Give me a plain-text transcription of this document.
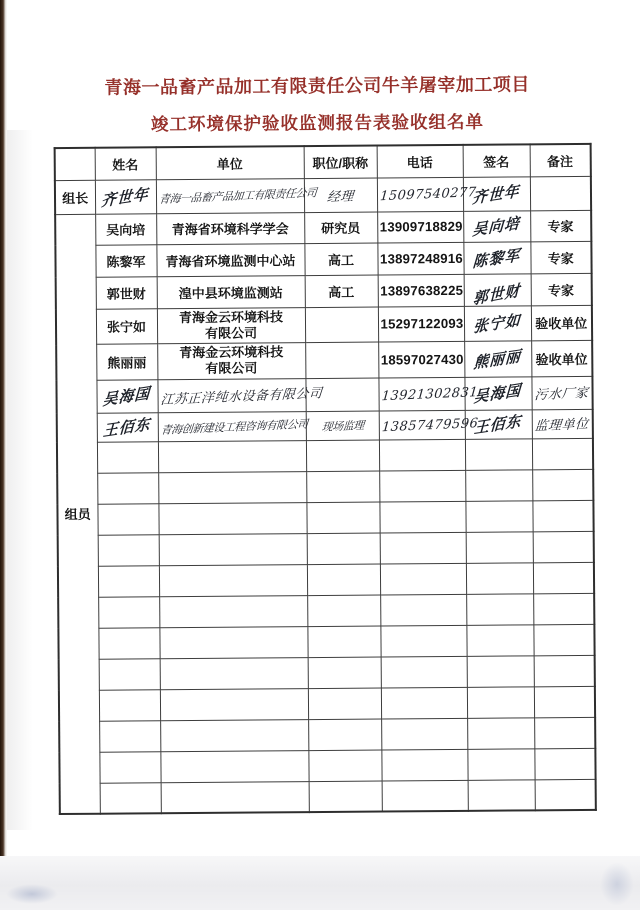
青海一品畜产品加工有限责任公司牛羊屠宰加工项目
竣工环境保护验收监测报告表验收组名单
	姓名	单位	职位/职称	电话	签名	备注
组长	齐世年	青海一品畜产品加工有限责任公司	经理	15097540277	齐世年	
组员	吴向培	青海省环境科学学会	研究员	13909718829	吴向培	专家
	陈黎军	青海省环境监测中心站	高工	13897248916	陈黎军	专家
	郭世财	湟中县环境监测站	高工	13897638225	郭世财	专家
	张宁如	青海金云环境科技有限公司		15297122093	张宁如	验收单位
	熊丽丽	青海金云环境科技有限公司		18597027430	熊丽丽	验收单位
	吴海国	江苏正洋纯水设备有限公司		13921302831	吴海国	污水厂家
	王佰东	青海创新建设工程咨询有限公司	现场监理	13857479596	王佰东	监理单位
